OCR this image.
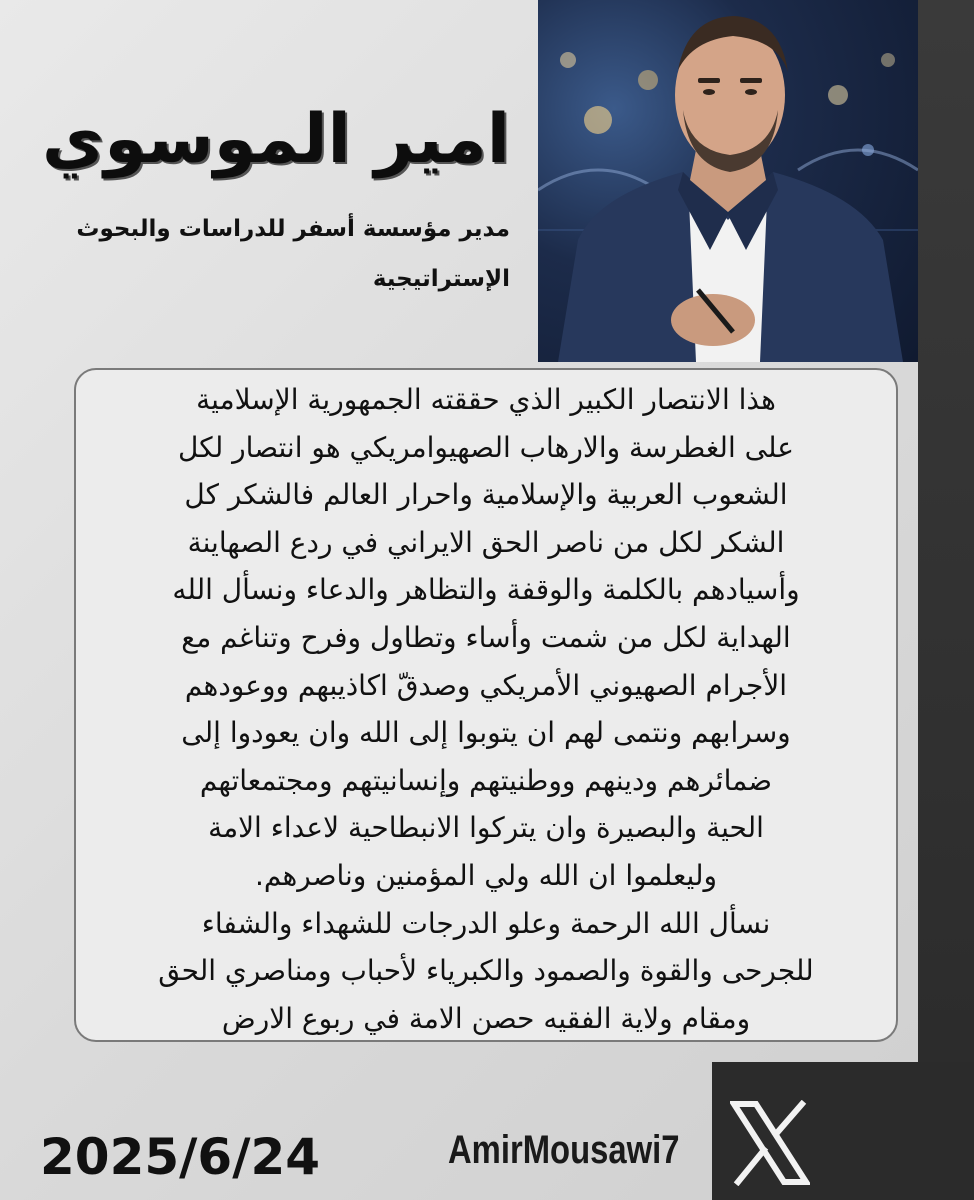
امير الموسوي
مدير مؤسسة أسفر للدراسات والبحوث الإستراتيجية

هذا الانتصار الكبير الذي حققته الجمهورية الإسلامية

على الغطرسة والارهاب الصهيوامريكي هو انتصار لكل

الشعوب العربية والإسلامية واحرار العالم فالشكر كل

الشكر لكل من ناصر الحق الايراني في ردع الصهاينة

وأسيادهم بالكلمة والوقفة والتظاهر والدعاء ونسأل الله

الهداية لكل من شمت وأساء وتطاول وفرح وتناغم مع

الأجرام الصهيوني الأمريكي وصدقّ اكاذيبهم ووعودهم

وسرابهم ونتمى لهم ان يتوبوا إلى الله وان يعودوا إلى

ضمائرهم ودينهم ووطنيتهم وإنسانيتهم ومجتمعاتهم

الحية والبصيرة وان يتركوا الانبطاحية لاعداء الامة

وليعلموا ان الله ولي المؤمنين وناصرهم.

نسأل الله الرحمة وعلو الدرجات للشهداء والشفاء

للجرحى والقوة والصمود والكبرياء لأحباب ومناصري الحق

ومقام ولاية الفقيه حصن الامة في ربوع الارض

2025/6/24	AmirMousawi7
